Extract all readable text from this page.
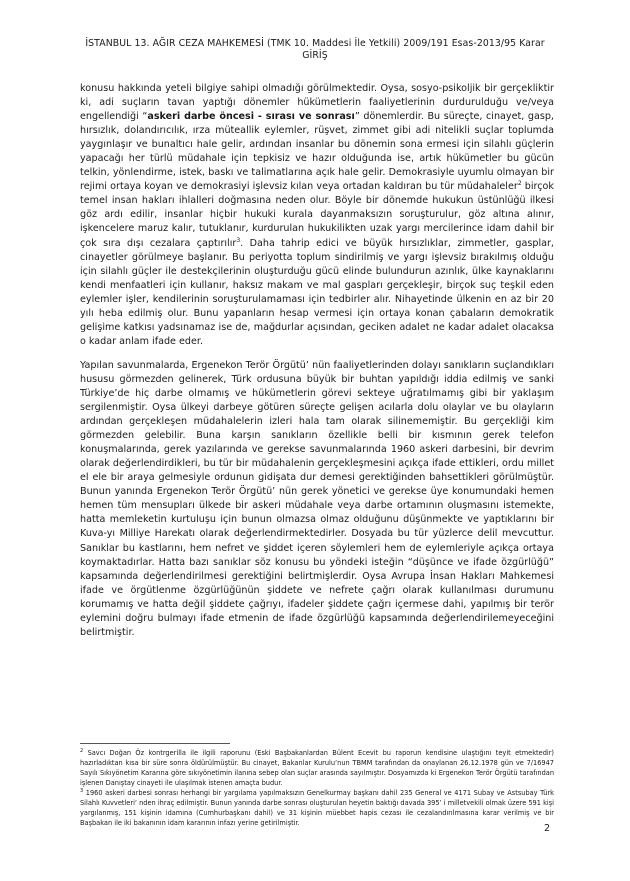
İSTANBUL 13. AĞIR CEZA MAHKEMESİ (TMK 10. Maddesi İle Yetkili) 2009/191 Esas-2013/95 Karar
GİRİŞ

konusu hakkında yeteli bilgiye sahipi olmadığı görülmektedir. Oysa, sosyo-psikoljik bir gerçekliktir ki, adi suçların tavan yaptığı dönemler hükümetlerin faaliyetlerinin durdurulduğu ve/veya engellendiği “askeri darbe öncesi - sırası ve sonrası” dönemlerdir. Bu süreçte, cinayet, gasp, hırsızlık, dolandırıcılık, ırza müteallik eylemler, rüşvet, zimmet gibi adi nitelikli suçlar toplumda yaygınlaşır ve bunaltıcı hale gelir, ardından insanlar bu dönemin sona ermesi için silahlı güçlerin yapacağı her türlü müdahale için tepkisiz ve hazır olduğunda ise, artık hükümetler bu gücün telkin, yönlendirme, istek, baskı ve talimatlarına açık hale gelir. Demokrasiyle uyumlu olmayan bir rejimi ortaya koyan ve demokrasiyi işlevsiz kılan veya ortadan kaldıran bu tür müdahaleler$^2$ birçok temel insan hakları ihlalleri doğmasına neden olur. Böyle bir dönemde hukukun üstünlüğü ilkesi göz ardı edilir, insanlar hiçbir hukuki kurala dayanmaksızın soruşturulur, göz altına alınır, işkencelere maruz kalır, tutuklanır, kurdurulan hukukilikten uzak yargı mercilerince idam dahil bir çok sıra dışı cezalara çaptırılır$^3$. Daha tahrip edici ve büyük hırsızlıklar, zimmetler, gasplar, cinayetler görülmeye başlanır. Bu periyotta toplum sindirilmiş ve yargı işlevsiz bırakılmış olduğu için silahlı güçler ile destekçilerinin oluşturduğu gücü elinde bulundurun azınlık, ülke kaynaklarını kendi menfaatleri için kullanır, haksız makam ve mal gaspları gerçekleşir, birçok suç teşkil eden eylemler işler, kendilerinin soruşturulamaması için tedbirler alır. Nihayetinde ülkenin en az bir 20 yılı heba edilmiş olur. Bunu yapanların hesap vermesi için ortaya konan çabaların demokratik gelişime katkısı yadsınamaz ise de, mağdurlar açısından, geciken adalet ne kadar adalet olacaksa o kadar anlam ifade eder.

Yapılan savunmalarda, Ergenekon Terör Örgütü’ nün faaliyetlerinden dolayı sanıkların suçlandıkları hususu görmezden gelinerek, Türk ordusuna büyük bir buhtan yapıldığı iddia edilmiş ve sanki Türkiye’de hiç darbe olmamış ve hükümetlerin görevi sekteye uğratılmamış gibi bir yaklaşım sergilenmiştir. Oysa ülkeyi darbeye götüren süreçte gelişen acılarla dolu olaylar ve bu olayların ardından gerçekleşen müdahalelerin izleri hala tam olarak silinememiştir. Bu gerçekliği kim görmezden gelebilir. Buna karşın sanıkların özellikle belli bir kısmının gerek telefon konuşmalarında, gerek yazılarında ve gerekse savunmalarında 1960 askeri darbesini, bir devrim olarak değerlendirdikleri, bu tür bir müdahalenin gerçekleşmesini açıkça ifade ettikleri, ordu millet el ele bir araya gelmesiyle ordunun gidişata dur demesi gerektiğinden bahsettikleri görülmüştür. Bunun yanında Ergenekon Terör Örgütü’ nün gerek yönetici ve gerekse üye konumundaki hemen hemen tüm mensupları ülkede bir askeri müdahale veya darbe ortamının oluşmasını istemekte, hatta memleketin kurtuluşu için bunun olmazsa olmaz olduğunu düşünmekte ve yaptıklarını bir Kuva-yı Milliye Harekatı olarak değerlendirmektedirler. Dosyada bu tür yüzlerce delil mevcuttur. Sanıklar bu kastlarını, hem nefret ve şiddet içeren söylemleri hem de eylemleriyle açıkça ortaya koymaktadırlar. Hatta bazı sanıklar söz konusu bu yöndeki isteğin “düşünce ve ifade özgürlüğü” kapsamında değerlendirilmesi gerektiğini belirtmişlerdir. Oysa Avrupa İnsan Hakları Mahkemesi ifade ve örgütlenme özgürlüğünün şiddete ve nefrete çağrı olarak kullanılması durumunu korumamış ve hatta değil şiddete çağrıyı, ifadeler şiddete çağrı içermese dahi, yapılmış bir terör eylemini doğru bulmayı ifade etmenin de ifade özgürlüğü kapsamında değerlendirilemeyeceğini belirtmiştir.

$^2$ Savcı Doğan Öz kontrgerilla ile ilgili raporunu (Eski Başbakanlardan Bülent Ecevit bu raporun kendisine ulaştığını teyit etmektedir) hazırladıktan kısa bir süre sonra öldürülmüştür. Bu cinayet, Bakanlar Kurulu’nun TBMM tarafından da onaylanan 26.12.1978 gün ve 7/16947 Sayılı Sıkıyönetim Kararına göre sıkıyönetimin ilanına sebep olan suçlar arasında sayılmıştır. Dosyamızda ki Ergenekon Terör Örgütü tarafından işlenen Danıştay cinayeti ile ulaşılmak istenen amaçta budur.

$^3$ 1960 askeri darbesi sonrası herhangi bir yargılama yapılmaksızın Genelkurmay başkanı dahil 235 General ve 4171 Subay ve Astsubay Türk Silahlı Kuvvetleri’ nden ihraç edilmiştir. Bunun yanında darbe sonrası oluşturulan heyetin baktığı davada 395’ i milletvekili olmak üzere 591 kişi yargılanmış, 151 kişinin idamına (Cumhurbaşkanı dahil) ve 31 kişinin müebbet hapis cezası ile cezalandırılmasına karar verilmiş ve bir Başbakan ile iki bakanının idam kararının infazı yerine getirilmiştir.	2
